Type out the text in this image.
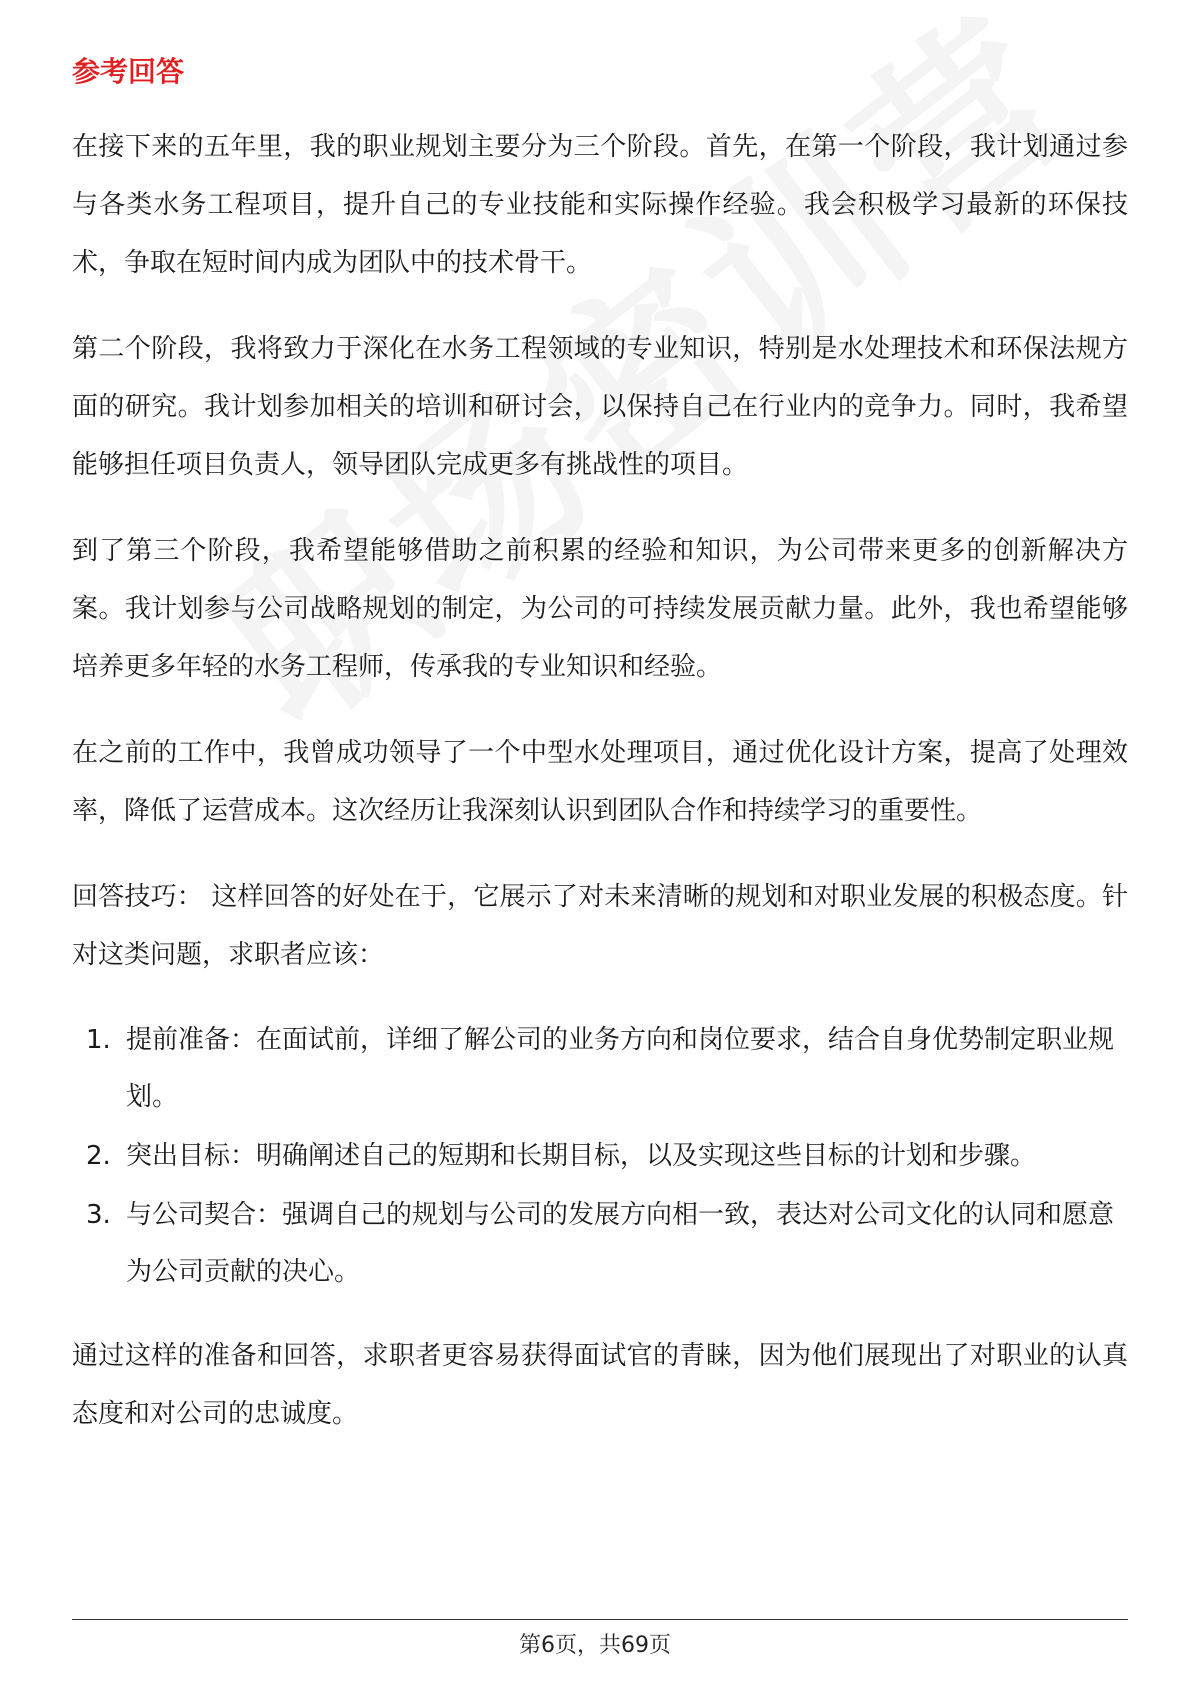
参考回答

在接下来的五年里，我的职业规划主要分为三个阶段。首先，在第一个阶段，我计划通过参与各类水务工程项目，提升自己的专业技能和实际操作经验。我会积极学习最新的环保技术，争取在短时间内成为团队中的技术骨干。

第二个阶段，我将致力于深化在水务工程领域的专业知识，特别是水处理技术和环保法规方面的研究。我计划参加相关的培训和研讨会，以保持自己在行业内的竞争力。同时，我希望能够担任项目负责人，领导团队完成更多有挑战性的项目。

到了第三个阶段，我希望能够借助之前积累的经验和知识，为公司带来更多的创新解决方案。我计划参与公司战略规划的制定，为公司的可持续发展贡献力量。此外，我也希望能够培养更多年轻的水务工程师，传承我的专业知识和经验。

在之前的工作中，我曾成功领导了一个中型水处理项目，通过优化设计方案，提高了处理效率，降低了运营成本。这次经历让我深刻认识到团队合作和持续学习的重要性。

回答技巧： 这样回答的好处在于，它展示了对未来清晰的规划和对职业发展的积极态度。针对这类问题，求职者应该：

1. 提前准备：在面试前，详细了解公司的业务方向和岗位要求，结合自身优势制定职业规划。
2. 突出目标：明确阐述自己的短期和长期目标，以及实现这些目标的计划和步骤。
3. 与公司契合：强调自己的规划与公司的发展方向相一致，表达对公司文化的认同和愿意为公司贡献的决心。

通过这样的准备和回答，求职者更容易获得面试官的青睐，因为他们展现出了对职业的认真态度和对公司的忠诚度。

第6页，共69页
